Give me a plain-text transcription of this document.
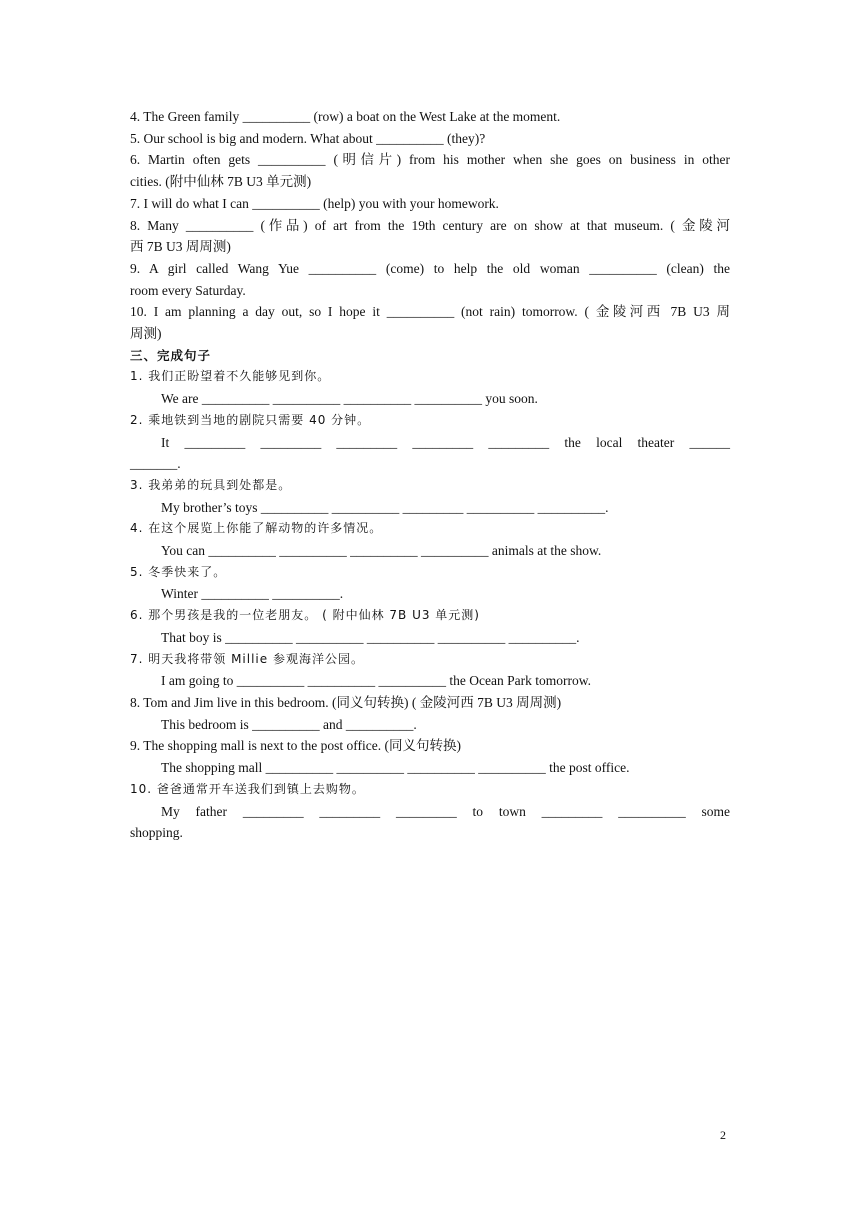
4. The Green family __________ (row) a boat on the West Lake at the moment.
5. Our school is big and modern. What about __________ (they)?
6. Martin often gets __________ (明信片) from his mother when she goes on business in other
cities. (附中仙林 7B U3 单元测)
7. I will do what I can __________ (help) you with your homework.
8. Many __________ (作品) of art from the 19th century are on show at that museum. ( 金陵河
西 7B U3 周周测)
9. A girl called Wang Yue __________ (come) to help the old woman __________ (clean) the
room every Saturday.
10. I am planning a day out, so I hope it __________ (not rain) tomorrow. ( 金陵河西 7B U3 周
周测)
三、完成句子
1. 我们正盼望着不久能够见到你。
We are __________ __________ __________ __________ you soon.
2. 乘地铁到当地的剧院只需要 40 分钟。
It _________ _________ _________ _________ _________ the local theater ______
_______.
3. 我弟弟的玩具到处都是。
My brother’s toys __________ __________ _________ __________ __________.
4. 在这个展览上你能了解动物的许多情况。
You can __________ __________ __________ __________ animals at the show.
5. 冬季快来了。
Winter __________ __________.
6. 那个男孩是我的一位老朋友。 ( 附中仙林 7B U3 单元测)
That boy is __________ __________ __________ __________ __________.
7. 明天我将带领 Millie 参观海洋公园。
I am going to __________ __________ __________ the Ocean Park tomorrow.
8. Tom and Jim live in this bedroom. (同义句转换) ( 金陵河西 7B U3 周周测)
This bedroom is __________ and __________.
9. The shopping mall is next to the post office. (同义句转换)
The shopping mall __________ __________ __________ __________ the post office.
10. 爸爸通常开车送我们到镇上去购物。
My father _________ _________ _________ to town _________ __________ some
shopping.
2
